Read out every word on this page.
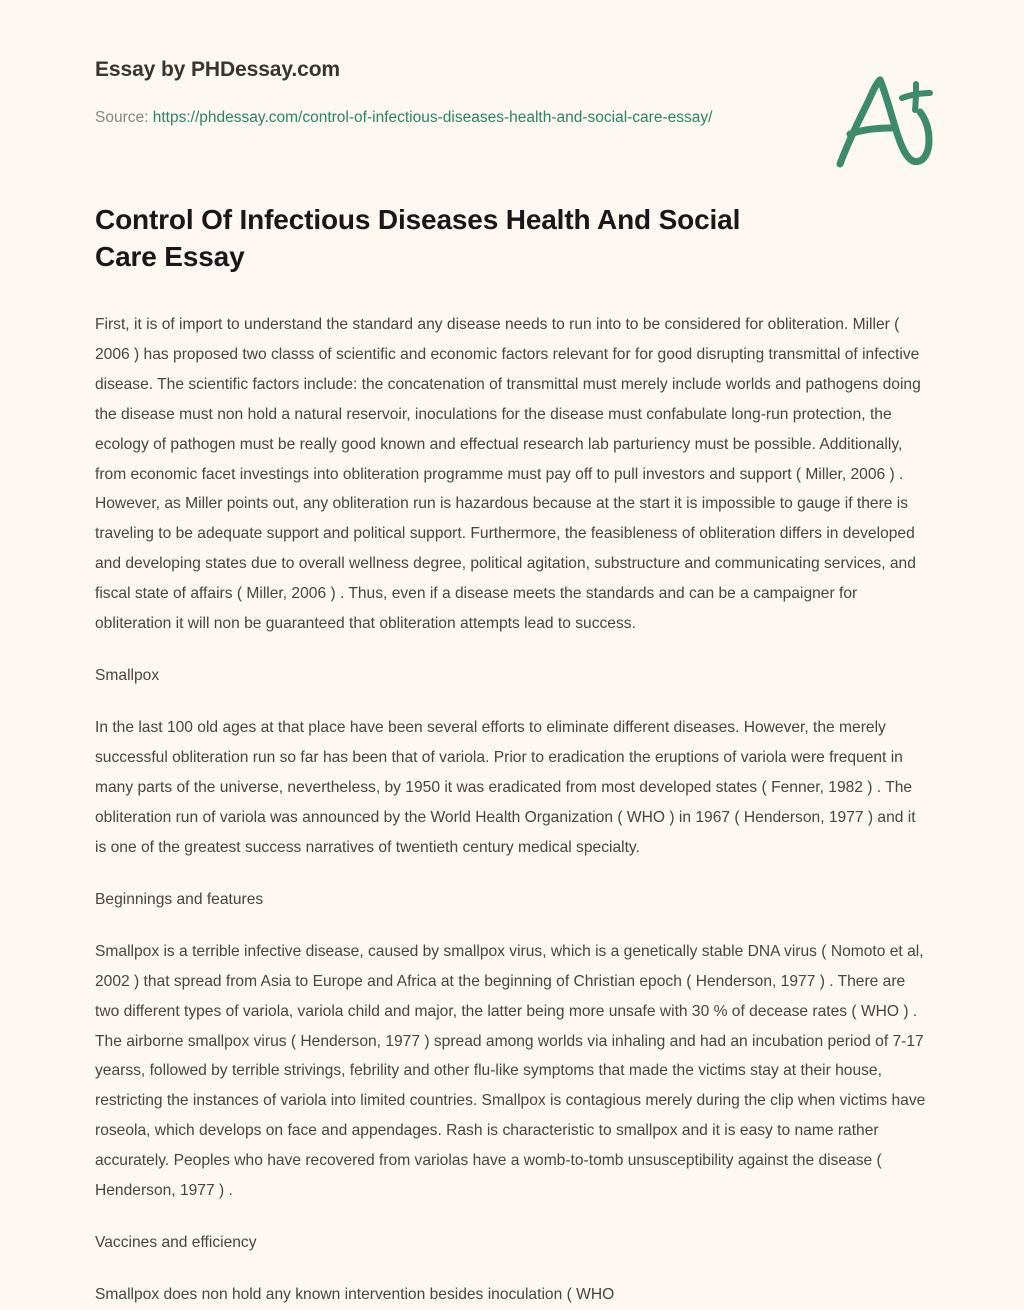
Essay by PHDessay.com
Source: https://phdessay.com/control-of-infectious-diseases-health-and-social-care-essay/
Control Of Infectious Diseases Health And Social Care Essay

First, it is of import to understand the standard any disease needs to run into to be considered for obliteration. Miller ( 2006 ) has proposed two classs of scientific and economic factors relevant for for good disrupting transmittal of infective disease. The scientific factors include: the concatenation of transmittal must merely include worlds and pathogens doing the disease must non hold a natural reservoir, inoculations for the disease must confabulate long-run protection, the ecology of pathogen must be really good known and effectual research lab parturiency must be possible. Additionally, from economic facet investings into obliteration programme must pay off to pull investors and support ( Miller, 2006 ) . However, as Miller points out, any obliteration run is hazardous because at the start it is impossible to gauge if there is traveling to be adequate support and political support. Furthermore, the feasibleness of obliteration differs in developed and developing states due to overall wellness degree, political agitation, substructure and communicating services, and fiscal state of affairs ( Miller, 2006 ) . Thus, even if a disease meets the standards and can be a campaigner for obliteration it will non be guaranteed that obliteration attempts lead to success.

Smallpox

In the last 100 old ages at that place have been several efforts to eliminate different diseases. However, the merely successful obliteration run so far has been that of variola. Prior to eradication the eruptions of variola were frequent in many parts of the universe, nevertheless, by 1950 it was eradicated from most developed states ( Fenner, 1982 ) . The obliteration run of variola was announced by the World Health Organization ( WHO ) in 1967 ( Henderson, 1977 ) and it is one of the greatest success narratives of twentieth century medical specialty.

Beginnings and features

Smallpox is a terrible infective disease, caused by smallpox virus, which is a genetically stable DNA virus ( Nomoto et al, 2002 ) that spread from Asia to Europe and Africa at the beginning of Christian epoch ( Henderson, 1977 ) . There are two different types of variola, variola child and major, the latter being more unsafe with 30 % of decease rates ( WHO ) . The airborne smallpox virus ( Henderson, 1977 ) spread among worlds via inhaling and had an incubation period of 7-17 yearss, followed by terrible strivings, febrility and other flu-like symptoms that made the victims stay at their house, restricting the instances of variola into limited countries. Smallpox is contagious merely during the clip when victims have roseola, which develops on face and appendages. Rash is characteristic to smallpox and it is easy to name rather accurately. Peoples who have recovered from variolas have a womb-to-tomb unsusceptibility against the disease ( Henderson, 1977 ) .

Vaccines and efficiency

Smallpox does non hold any known intervention besides inoculation ( WHO
